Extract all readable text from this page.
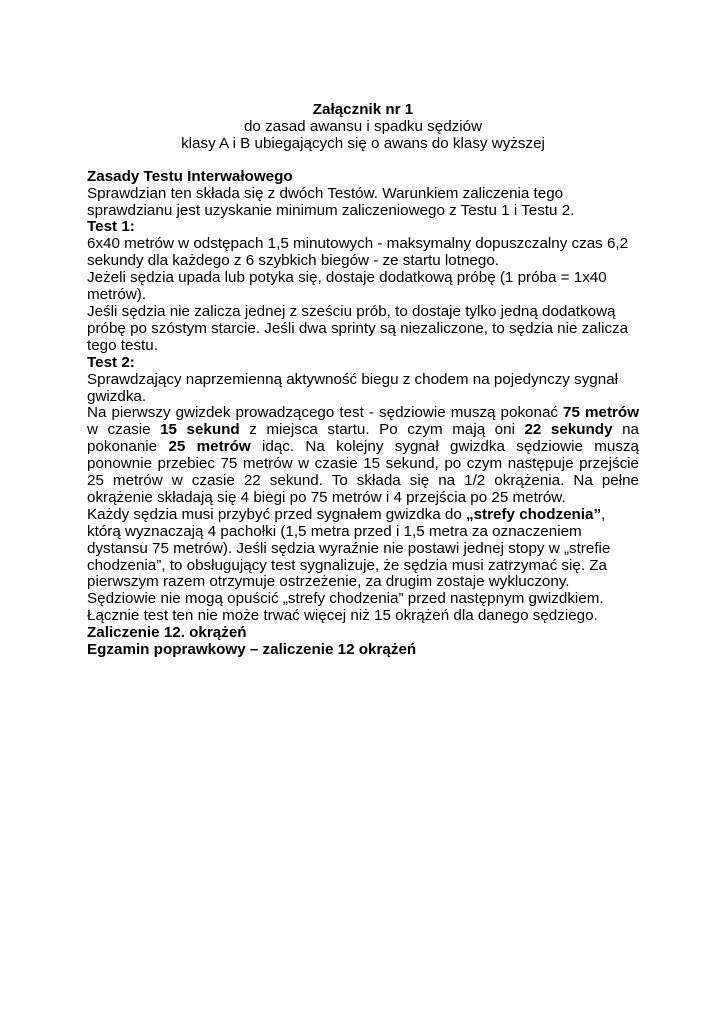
Załącznik nr 1
do zasad awansu i spadku sędziów
klasy A i B ubiegających się o awans do klasy wyższej

Zasady Testu Interwałowego

Sprawdzian ten składa się z dwóch Testów. Warunkiem zaliczenia tego sprawdzianu jest uzyskanie minimum zaliczeniowego z Testu 1 i Testu 2.

Test 1:

6x40 metrów w odstępach 1,5 minutowych - maksymalny dopuszczalny czas 6,2 sekundy dla każdego z 6 szybkich biegów - ze startu lotnego.

Jeżeli sędzia upada lub potyka się, dostaje dodatkową próbę (1 próba = 1x40 metrów).

Jeśli sędzia nie zalicza jednej z sześciu prób, to dostaje tylko jedną dodatkową próbę po szóstym starcie. Jeśli dwa sprinty są niezaliczone, to sędzia nie zalicza tego testu.

Test 2:

Sprawdzający naprzemienną aktywność biegu z chodem na pojedynczy sygnał gwizdka.

Na pierwszy gwizdek prowadzącego test - sędziowie muszą pokonać 75 metrów w czasie 15 sekund z miejsca startu. Po czym mają oni 22 sekundy na pokonanie 25 metrów idąc. Na kolejny sygnał gwizdka sędziowie muszą ponownie przebiec 75 metrów w czasie 15 sekund, po czym następuje przejście 25 metrów w czasie 22 sekund. To składa się na 1/2 okrążenia. Na pełne okrążenie składają się 4 biegi po 75 metrów i 4 przejścia po 25 metrów.

Każdy sędzia musi przybyć przed sygnałem gwizdka do „strefy chodzenia”, którą wyznaczają 4 pachołki (1,5 metra przed i 1,5 metra za oznaczeniem dystansu 75 metrów). Jeśli sędzia wyraźnie nie postawi jednej stopy w „strefie chodzenia”, to obsługujący test sygnalizuje, że sędzia musi zatrzymać się. Za pierwszym razem otrzymuje ostrzeżenie, za drugim zostaje wykluczony.

Sędziowie nie mogą opuścić „strefy chodzenia” przed następnym gwizdkiem.

Łącznie test ten nie może trwać więcej niż 15 okrążeń dla danego sędziego.

Zaliczenie 12. okrążeń

Egzamin poprawkowy – zaliczenie 12 okrążeń
